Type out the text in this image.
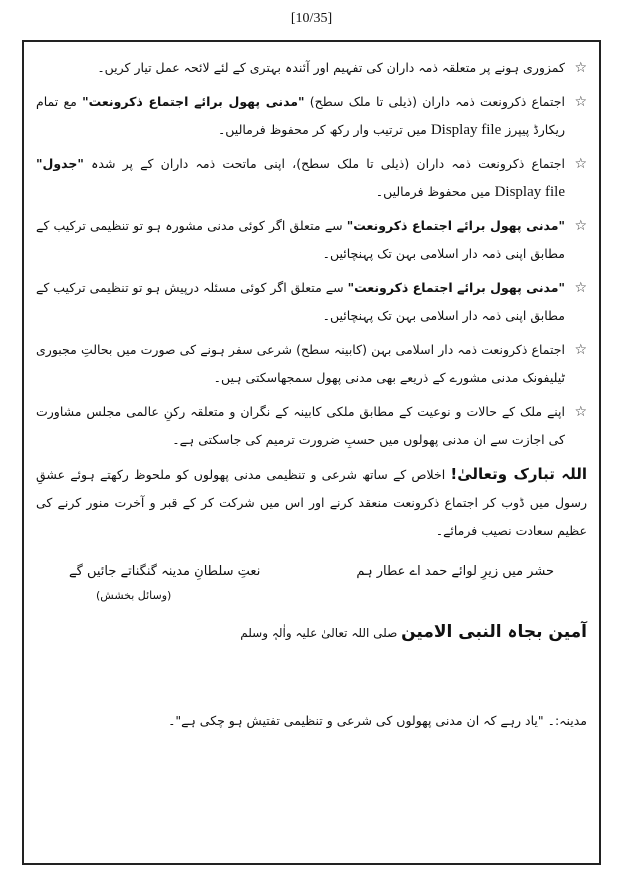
[10/35]
☆
کمزوری ہونے پر متعلقہ ذمہ داران کی تفہیم اور آئندہ بہتری کے لئے لائحہ عمل تیار کریں۔
☆
اجتماع ذکرونعت ذمہ داران (ذیلی تا ملک سطح) "مدنی پھول برائے اجتماع ذکرونعت" مع تمام ریکارڈ پیپرز Display file میں ترتیب وار رکھ کر محفوظ فرمالیں۔
☆
اجتماع ذکرونعت ذمہ داران (ذیلی تا ملک سطح)، اپنی ماتحت ذمہ داران کے پر شدہ "جدول" Display file میں محفوظ فرمالیں۔
☆
"مدنی پھول برائے اجتماع ذکرونعت" سے متعلق اگر کوئی مدنی مشورہ ہو تو تنظیمی ترکیب کے مطابق اپنی ذمہ دار اسلامی بہن تک پہنچائیں۔
☆
"مدنی پھول برائے اجتماع ذکرونعت" سے متعلق اگر کوئی مسئلہ درپیش ہو تو تنظیمی ترکیب کے مطابق اپنی ذمہ دار اسلامی بہن تک پہنچائیں۔
☆
اجتماع ذکرونعت ذمہ دار اسلامی بہن (کابینہ سطح) شرعی سفر ہونے کی صورت میں بحالتِ مجبوری ٹیلیفونک مدنی مشورے کے ذریعے بھی مدنی پھول سمجھاسکتی ہیں۔
☆
اپنے ملک کے حالات و نوعیت کے مطابق ملکی کابینہ کے نگران و متعلقہ رکنِ عالمی مجلس مشاورت کی اجازت سے ان مدنی پھولوں میں حسبِ ضرورت ترمیم کی جاسکتی ہے۔
اللہ تبارک وتعالیٰ! اخلاص کے ساتھ شرعی و تنظیمی مدنی پھولوں کو ملحوظ رکھتے ہوئے عشقِ رسول میں ڈوب کر اجتماع ذکرونعت منعقد کرنے اور اس میں شرکت کر کے قبر و آخرت منور کرنے کی عظیم سعادت نصیب فرمائے۔
حشر میں زیرِ لوائے حمد اے عطار ہم
نعتِ سلطانِ مدینہ گنگناتے جائیں گے
(وسائل بخشش)
آمین بجاہ النبی الامین صلی اللہ تعالیٰ علیہ واٰلہٖ وسلم
مدینہ:۔ "یاد رہے کہ ان مدنی پھولوں کی شرعی و تنظیمی تفتیش ہو چکی ہے"۔
